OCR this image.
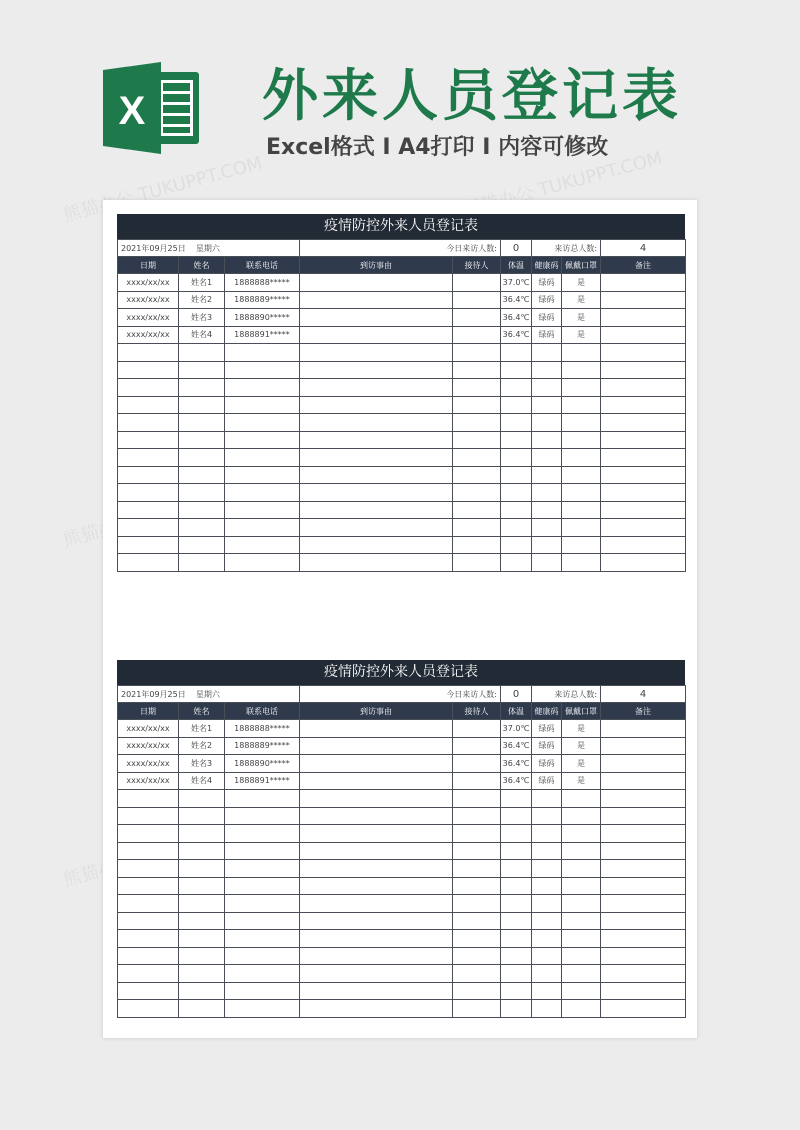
X 外来人员登记表
Excel格式 I A4打印 I 内容可修改
熊猫办公 TUKUPPT.COM	熊猫办公 TUKUPPT.COM
熊猫办公
熊猫办公
疫情防控外来人员登记表
2021年09月25日 星期六			今日来访人数:		0	来访总人数:		4
日期	姓名	联系电话	到访事由	接待人	体温	健康码	佩戴口罩	备注
xxxx/xx/xx	姓名1	1888888*****			37.0℃	绿码	是	
xxxx/xx/xx	姓名2	1888889*****			36.4℃	绿码	是	
xxxx/xx/xx	姓名3	1888890*****			36.4℃	绿码	是	
xxxx/xx/xx	姓名4	1888891*****			36.4℃	绿码	是	

疫情防控外来人员登记表
2021年09月25日 星期六			今日来访人数:		0	来访总人数:		4
日期	姓名	联系电话	到访事由	接待人	体温	健康码	佩戴口罩	备注
xxxx/xx/xx	姓名1	1888888*****			37.0℃	绿码	是	
xxxx/xx/xx	姓名2	1888889*****			36.4℃	绿码	是	
xxxx/xx/xx	姓名3	1888890*****			36.4℃	绿码	是	
xxxx/xx/xx	姓名4	1888891*****			36.4℃	绿码	是	
